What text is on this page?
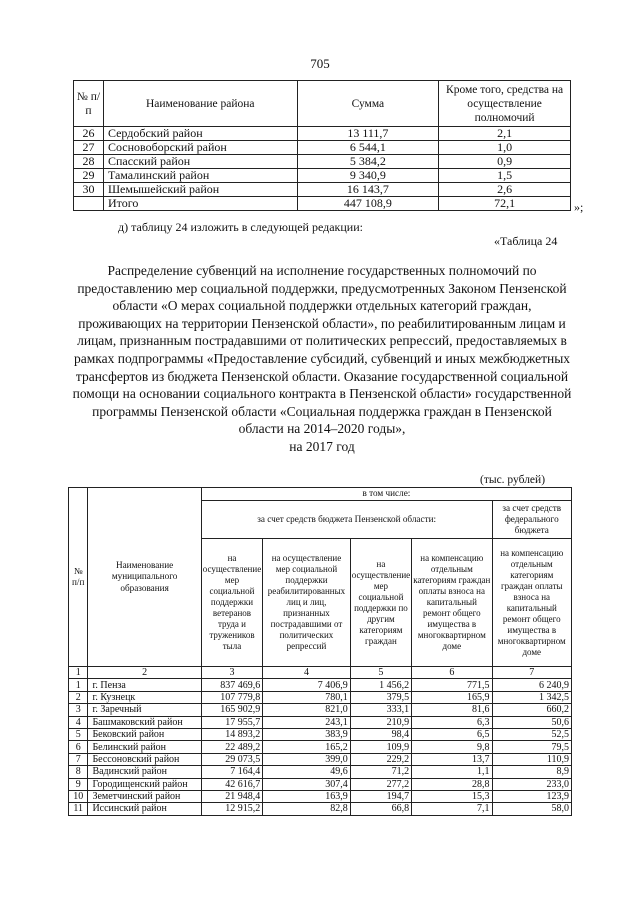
705
№ п/п	Наименование района	Сумма	Кроме того, средства на осуществление полномочий
26	Сердобский район	13 111,7	2,1
27	Сосновоборский район	6 544,1	1,0
28	Спасский район	5 384,2	0,9
29	Тамалинский район	9 340,9	1,5
30	Шемышейский район	16 143,7	2,6
	Итого	447 108,9	72,1	»;
д) таблицу 24 изложить в следующей редакции:
«Таблица 24
Распределение субвенций на исполнение государственных полномочий по предоставлению мер социальной поддержки, предусмотренных Законом Пензенской области «О мерах социальной поддержки отдельных категорий граждан, проживающих на территории Пензенской области», по реабилитированным лицам и лицам, признанным пострадавшими от политических репрессий, предоставляемых в рамках подпрограммы «Предоставление субсидий, субвенций и иных межбюджетных трансфертов из бюджета Пензенской области. Оказание государственной социальной помощи на основании социального контракта в Пензенской области» государственной программы Пензенской области «Социальная поддержка граждан в Пензенской области на 2014–2020 годы»,
на 2017 год
(тыс. рублей)
№ п/п	Наименование муниципального образования	в том числе:				
		за счет средств бюджета Пензенской области:				за счет средств федерального бюджета
		на осуществление мер социальной поддержки ветеранов труда и тружеников тыла	на осуществление мер социальной поддержки реабилитированных лиц и лиц, признанных пострадавшими от политических репрессий	на осуществление мер социальной поддержки по другим категориям граждан	на компенсацию отдельным категориям граждан оплаты взноса на капитальный ремонт общего имущества в многоквартирном доме	на компенсацию отдельным категориям граждан оплаты взноса на капитальный ремонт общего имущества в многоквартирном доме
1	2	3	4	5	6	7
1	г. Пенза	837 469,6	7 406,9	1 456,2	771,5	6 240,9
2	г. Кузнецк	107 779,8	780,1	379,5	165,9	1 342,5
3	г. Заречный	165 902,9	821,0	333,1	81,6	660,2
4	Башмаковский район	17 955,7	243,1	210,9	6,3	50,6
5	Бековский район	14 893,2	383,9	98,4	6,5	52,5
6	Белинский район	22 489,2	165,2	109,9	9,8	79,5
7	Бессоновский район	29 073,5	399,0	229,2	13,7	110,9
8	Вадинский район	7 164,4	49,6	71,2	1,1	8,9
9	Городищенский район	42 616,7	307,4	277,2	28,8	233,0
10	Земетчинский район	21 948,4	163,9	194,7	15,3	123,9
11	Иссинский район	12 915,2	82,8	66,8	7,1	58,0
